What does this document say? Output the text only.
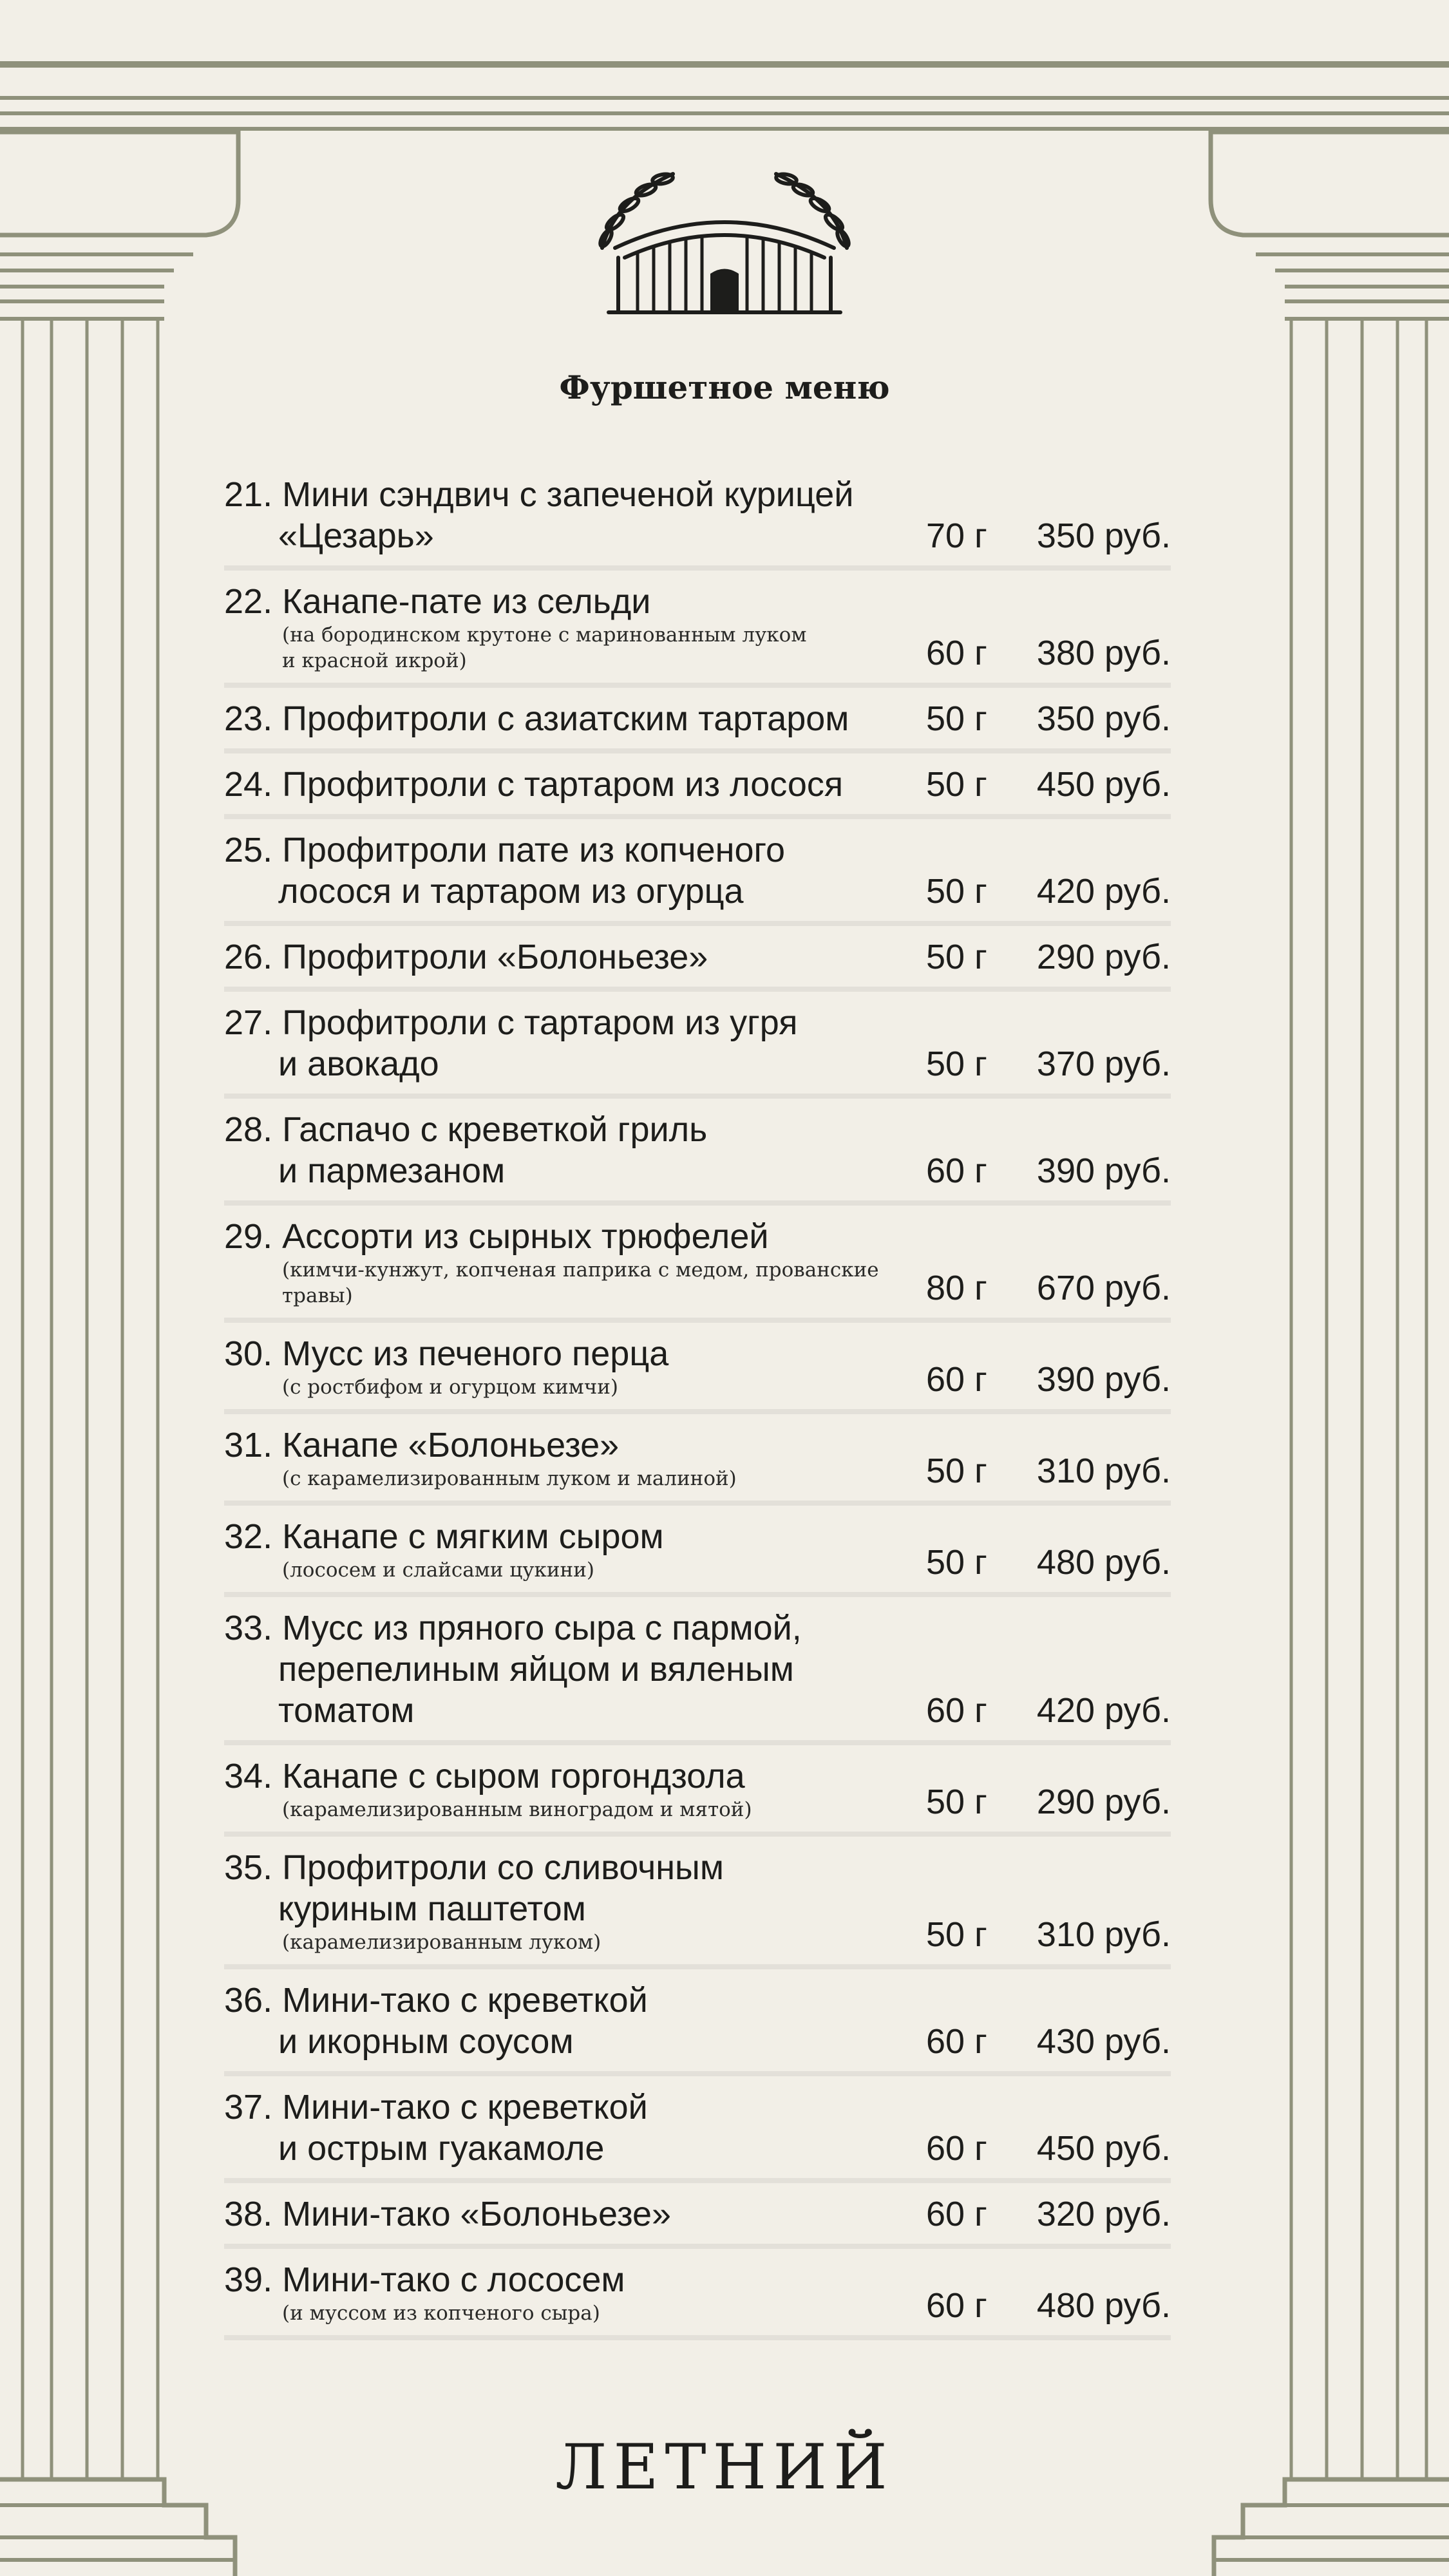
Фуршетное меню
21. Мини сэндвич с запеченой курицей
«Цезарь»	70 г	350 руб.
22. Канапе-пате из сельди
(на бородинском крутоне с маринованным луком
и красной икрой)	60 г	380 руб.
23. Профитроли с азиатским тартаром	50 г	350 руб.
24. Профитроли с тартаром из лосося	50 г	450 руб.
25. Профитроли пате из копченого
лосося и тартаром из огурца	50 г	420 руб.
26. Профитроли «Болоньезе»	50 г	290 руб.
27. Профитроли с тартаром из угря
и авокадо	50 г	370 руб.
28. Гаспачо с креветкой гриль
и пармезаном	60 г	390 руб.
29. Ассорти из сырных трюфелей
(кимчи-кунжут, копченая паприка с медом, прованские травы)	80 г	670 руб.
30. Мусс из печеного перца
(с ростбифом и огурцом кимчи)	60 г	390 руб.
31. Канапе «Болоньезе»
(с карамелизированным луком и малиной)	50 г	310 руб.
32. Канапе с мягким сыром
(лососем и слайсами цукини)	50 г	480 руб.
33. Мусс из пряного сыра с пармой,
перепелиным яйцом и вяленым
томатом	60 г	420 руб.
34. Канапе с сыром горгондзола
(карамелизированным виноградом и мятой)	50 г	290 руб.
35. Профитроли со сливочным
куриным паштетом
(карамелизированным луком)	50 г	310 руб.
36. Мини-тако с креветкой
и икорным соусом	60 г	430 руб.
37. Мини-тако с креветкой
и острым гуакамоле	60 г	450 руб.
38. Мини-тако «Болоньезе»	60 г	320 руб.
39. Мини-тако с лососем
(и муссом из копченого сыра)	60 г	480 руб.
ЛЕТНИЙ
